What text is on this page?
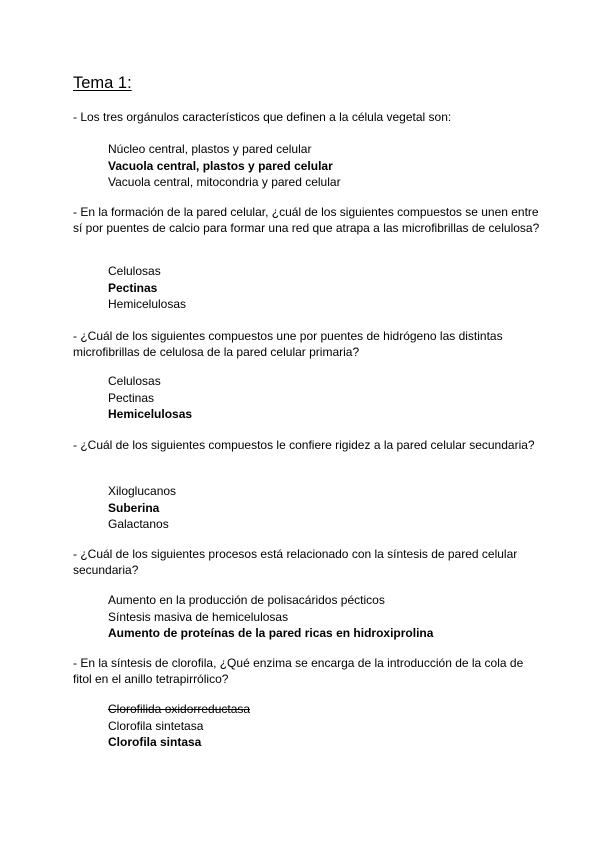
Tema 1:

- Los tres orgánulos característicos que definen a la célula vegetal son:

Núcleo central, plastos y pared celular
Vacuola central, plastos y pared celular
Vacuola central, mitocondria y pared celular

- En la formación de la pared celular, ¿cuál de los siguientes compuestos se unen entre sí por puentes de calcio para formar una red que atrapa a las microfibrillas de celulosa?

Celulosas
Pectinas
Hemicelulosas

- ¿Cuál de los siguientes compuestos une por puentes de hidrógeno las distintas microfibrillas de celulosa de la pared celular primaria?

Celulosas
Pectinas
Hemicelulosas

- ¿Cuál de los siguientes compuestos le confiere rigidez a la pared celular secundaria?

Xiloglucanos
Suberina
Galactanos

- ¿Cuál de los siguientes procesos está relacionado con la síntesis de pared celular secundaria?

Aumento en la producción de polisacáridos pécticos
Síntesis masiva de hemicelulosas
Aumento de proteínas de la pared ricas en hidroxiprolina

- En la síntesis de clorofila, ¿Qué enzima se encarga de la introducción de la cola de fitol en el anillo tetrapirrólico?

Clorofilida oxidorreductasa
Clorofila sintetasa
Clorofila sintasa
